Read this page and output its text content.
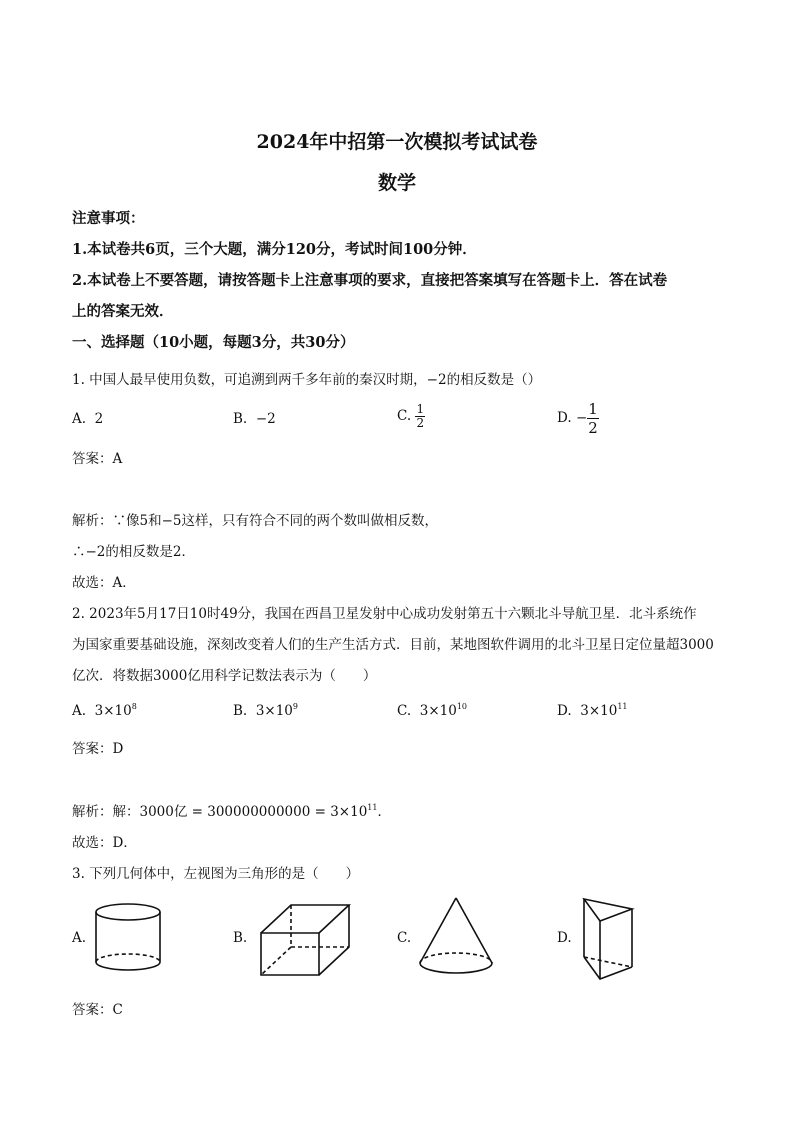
2024年中招第一次模拟考试试卷
数学
注意事项：
1.本试卷共6页，三个大题，满分120分，考试时间100分钟．
2.本试卷上不要答题，请按答题卡上注意事项的要求，直接把答案填写在答题卡上．答在试卷
上的答案无效．
一、选择题（10小题，每题3分，共30分）
1. 中国人最早使用负数，可追溯到两千多年前的秦汉时期，−2的相反数是（）
A. 2	B. −2	C. $\frac{1}{2}$	D. − $\frac{1}{2}$
答案：A
解析：∵像5和−5这样，只有符合不同的两个数叫做相反数，
∴−2的相反数是2．
故选：A．
2. 2023年5月17日10时49分，我国在西昌卫星发射中心成功发射第五十六颗北斗导航卫星．北斗系统作
为国家重要基础设施，深刻改变着人们的生产生活方式．目前，某地图软件调用的北斗卫星日定位量超3000
亿次．将数据3000亿用科学记数法表示为（　　）
A. $3\times 10^8$	B. $3\times 10^9$	C. $3\times 10^{10}$	D. $3\times 10^{11}$
答案：D
解析：解：3000亿 = $300000000000 = 3\times 10^{11}$．
故选：D．
3. 下列几何体中，左视图为三角形的是（　　）
A.	B.	C.	D.
答案：C
